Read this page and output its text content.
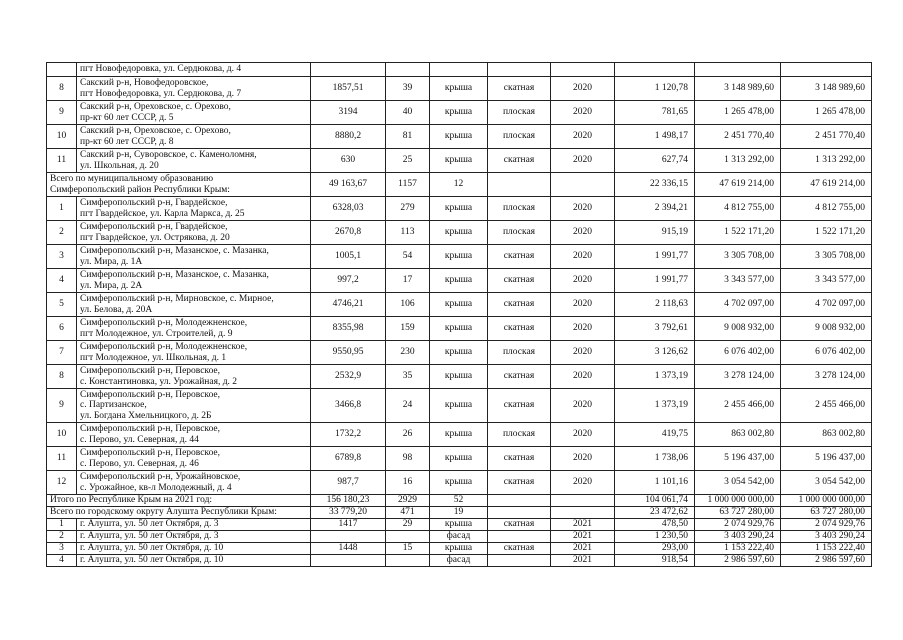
	пгт Новофедоровка, ул. Сердюкова, д. 4								
8	Сакский р-н, Новофедоровское,
пгт Новофедоровка, ул. Сердюкова, д. 7	1857,51	39	крыша	скатная	2020	1 120,78	3 148 989,60	3 148 989,60
9	Сакский р-н, Ореховское, с. Орехово,
пр-кт 60 лет СССР, д. 5	3194	40	крыша	плоская	2020	781,65	1 265 478,00	1 265 478,00
10	Сакский р-н, Ореховское, с. Орехово,
пр-кт 60 лет СССР, д. 8	8880,2	81	крыша	плоская	2020	1 498,17	2 451 770,40	2 451 770,40
11	Сакский р-н, Суворовское, с. Каменоломня,
ул. Школьная, д. 20	630	25	крыша	скатная	2020	627,74	1 313 292,00	1 313 292,00
Всего по муниципальному образованию
Симферопольский район Республики Крым:		49 163,67	1157	12			22 336,15	47 619 214,00	47 619 214,00
1	Симферопольский р-н, Гвардейское,
пгт Гвардейское, ул. Карла Маркса, д. 25	6328,03	279	крыша	плоская	2020	2 394,21	4 812 755,00	4 812 755,00
2	Симферопольский р-н, Гвардейское,
пгт Гвардейское, ул. Острякова, д. 20	2670,8	113	крыша	плоская	2020	915,19	1 522 171,20	1 522 171,20
3	Симферопольский р-н, Мазанское, с. Мазанка,
ул. Мира, д. 1А	1005,1	54	крыша	скатная	2020	1 991,77	3 305 708,00	3 305 708,00
4	Симферопольский р-н, Мазанское, с. Мазанка,
ул. Мира, д. 2А	997,2	17	крыша	скатная	2020	1 991,77	3 343 577,00	3 343 577,00
5	Симферопольский р-н, Мирновское, с. Мирное,
ул. Белова, д. 20А	4746,21	106	крыша	скатная	2020	2 118,63	4 702 097,00	4 702 097,00
6	Симферопольский р-н, Молодежненское,
пгт Молодежное, ул. Строителей, д. 9	8355,98	159	крыша	скатная	2020	3 792,61	9 008 932,00	9 008 932,00
7	Симферопольский р-н, Молодежненское,
пгт Молодежное, ул. Школьная, д. 1	9550,95	230	крыша	плоская	2020	3 126,62	6 076 402,00	6 076 402,00
8	Симферопольский р-н, Перовское,
с. Константиновка, ул. Урожайная, д. 2	2532,9	35	крыша	скатная	2020	1 373,19	3 278 124,00	3 278 124,00
9	Симферопольский р-н, Перовское,
с. Партизанское,
ул. Богдана Хмельницкого, д. 2Б	3466,8	24	крыша	скатная	2020	1 373,19	2 455 466,00	2 455 466,00
10	Симферопольский р-н, Перовское,
с. Перово, ул. Северная, д. 44	1732,2	26	крыша	плоская	2020	419,75	863 002,80	863 002,80
11	Симферопольский р-н, Перовское,
с. Перово, ул. Северная, д. 46	6789,8	98	крыша	скатная	2020	1 738,06	5 196 437,00	5 196 437,00
12	Симферопольский р-н, Урожайновское,
с. Урожайное, кв-л Молодежный, д. 4	987,7	16	крыша	скатная	2020	1 101,16	3 054 542,00	3 054 542,00
Итого по Республике Крым на 2021 год:		156 180,23	2929	52			104 061,74	1 000 000 000,00	1 000 000 000,00
Всего по городскому округу Алушта Республики Крым:		33 779,20	471	19			23 472,62	63 727 280,00	63 727 280,00
1	г. Алушта, ул. 50 лет Октября, д. 3	1417	29	крыша	скатная	2021	478,50	2 074 929,76	2 074 929,76
2	г. Алушта, ул. 50 лет Октября, д. 3			фасад		2021	1 230,50	3 403 290,24	3 403 290,24
3	г. Алушта, ул. 50 лет Октября, д. 10	1448	15	крыша	скатная	2021	293,00	1 153 222,40	1 153 222,40
4	г. Алушта, ул. 50 лет Октября, д. 10			фасад		2021	918,54	2 986 597,60	2 986 597,60
